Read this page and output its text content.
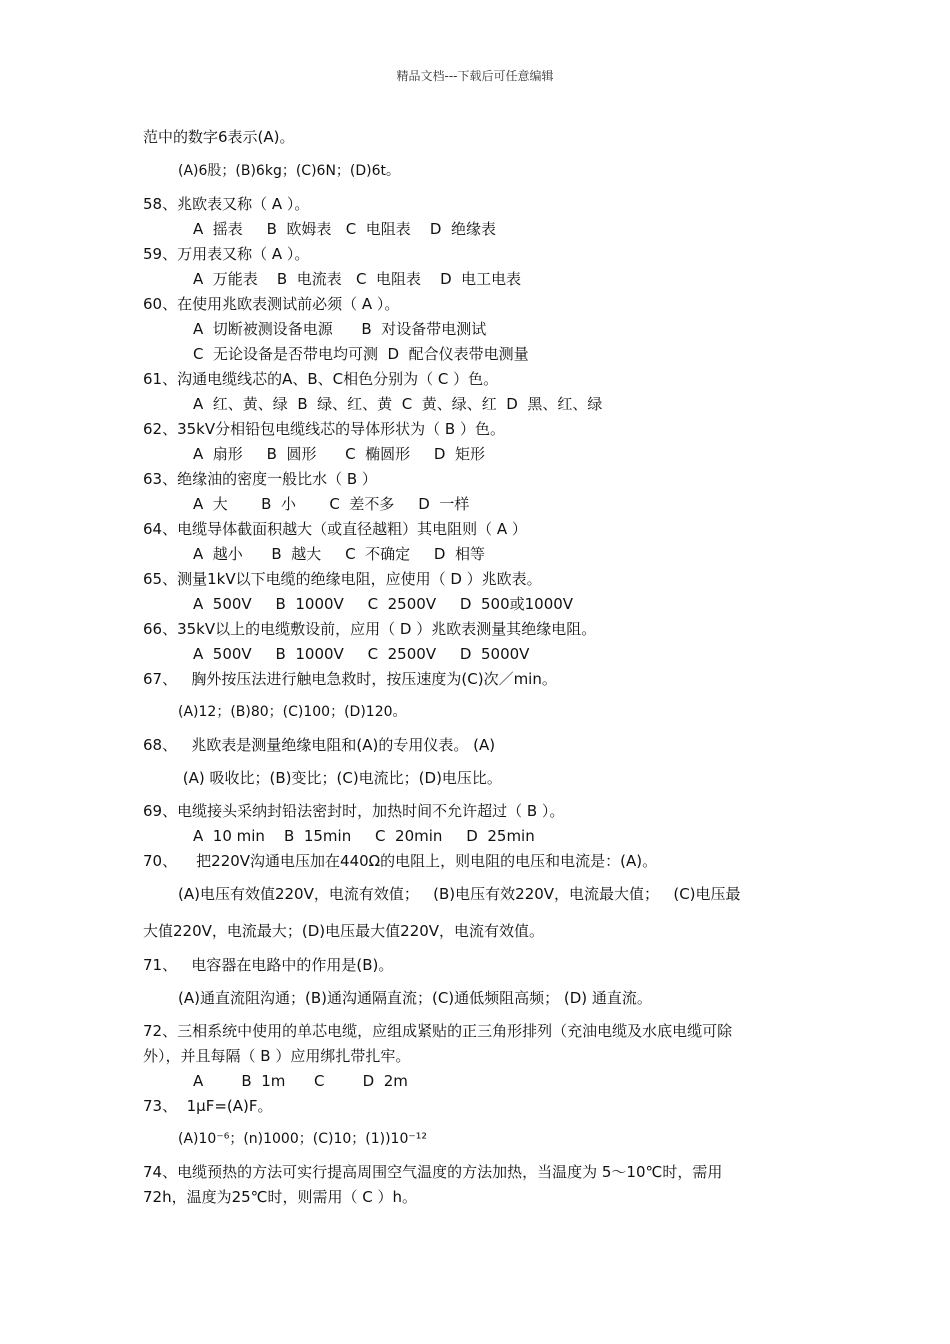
精品文档---下载后可任意编辑
范中的数字6表示(A)。
(A)6股；(B)6kg；(C)6N；(D)6t。
58、兆欧表又称（ A ）。
A  摇表     B  欧姆表   C  电阻表    D  绝缘表
59、万用表又称（ A ）。
A  万能表    B  电流表   C  电阻表    D  电工电表
60、在使用兆欧表测试前必须（ A ）。
A  切断被测设备电源      B  对设备带电测试
C  无论设备是否带电均可测  D  配合仪表带电测量
61、沟通电缆线芯的A、B、C相色分别为（ C ）色。
A  红、黄、绿  B  绿、红、黄  C  黄、绿、红  D  黑、红、绿
62、35kV分相铅包电缆线芯的导体形状为（ B ）色。
A  扇形     B  圆形      C  椭圆形     D  矩形
63、绝缘油的密度一般比水（ B ）
A  大       B  小       C  差不多     D  一样
64、电缆导体截面积越大（或直径越粗）其电阻则（ A ）
A  越小      B  越大     C  不确定     D  相等
65、测量1kV以下电缆的绝缘电阻，应使用（ D ）兆欧表。
A  500V     B  1000V     C  2500V     D  500或1000V
66、35kV以上的电缆敷设前，应用（ D ）兆欧表测量其绝缘电阻。
A  500V     B  1000V     C  2500V     D  5000V
67、   胸外按压法进行触电急救时，按压速度为(C)次／min。
(A)12；(B)80；(C)100；(D)120。
68、   兆欧表是测量绝缘电阻和(A)的专用仪表。 (A)
(A) 吸收比；(B)变比；(C)电流比；(D)电压比。
69、电缆接头采纳封铅法密封时，加热时间不允许超过（ B ）。
A  10 min    B  15min     C  20min     D  25min
70、    把220V沟通电压加在440Ω的电阻上，则电阻的电压和电流是：(A)。
(A)电压有效值220V，电流有效值；   (B)电压有效220V，电流最大值；   (C)电压最
大值220V，电流最大；(D)电压最大值220V，电流有效值。
71、   电容器在电路中的作用是(B)。
(A)通直流阻沟通；(B)通沟通隔直流；(C)通低频阻高频； (D) 通直流。
72、三相系统中使用的单芯电缆，应组成紧贴的正三角形排列（充油电缆及水底电缆可除
外），并且每隔（ B ）应用绑扎带扎牢。
A        B  1m      C        D  2m
73、  1μF=(A)F。
(A)10⁻⁶；(n)1000；(C)10；(1))10⁻¹²
74、电缆预热的方法可实行提高周围空气温度的方法加热，当温度为 5～10℃时，需用
72h，温度为25℃时，则需用（ C ）h。
